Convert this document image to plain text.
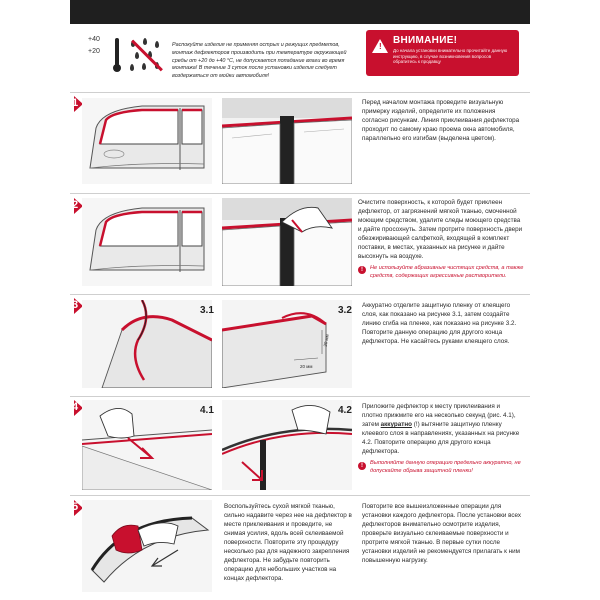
+40
+20
Распокуйте изделия не применяя острых и режущих предметов, монтаж дефлекторов производить при температуре окружающей среды от +20 до +40 °С, не допускается попадание влаги во время монтажа! В течение 3 суток после установки изделия следует воздержаться от мойки автомобиля!
!
ВНИМАНИЕ!
До начала установки внимательно прочитайте данную инструкцию, в случае возникновения вопросов обратитесь к продавцу
1	Перед началом монтажа проведите визуальную примерку изделий, определите их положения согласно рисункам. Линия приклеивания дефлектора проходит по самому краю проема окна автомобиля, параллельно его изгибам (выделена цветом).
2	Очистите поверхность, к которой будет приклеен дефлектор, от загрязнений мягкой тканью, смоченной моющим средством, удалите следы моющего средства и дайте просохнуть. Затем протрите поверхность двери обезжиривающей салфеткой, входящей в комплект поставки, в местах, указанных на рисунке и дайте высохнуть на воздухе.
!	Не используйте абразивные чистящих средств, а также средств, содержащих агрессивные растворители.
3	3.1	3.2
20 мм
20 мм
Аккуратно отделите защитную пленку от клеящего слоя, как показано на рисунке 3.1, затем создайте линию сгиба на пленке, как показано на рисунке 3.2. Повторите данную операцию для другого конца дефлектора. Не касайтесь руками клеящего слоя.
4	4.1	4.2 Приложите дефлектор к месту приклеивания и плотно прижмите его на несколько секунд (рис. 4.1), затем аккуратно (!) вытяните защитную пленку клеевого слоя в направлениях, указанных на рисунке 4.2. Повторите операцию для другого конца дефлектора.
!	Выполняйте данную операцию предельно аккуратно, не допускайте обрыва защитной пленки!
5	Воспользуйтесь сухой мягкой тканью, сильно надавите через нее на дефлектор в месте приклеивания и проведите, не снимая усилия, вдоль всей склеиваемой поверхности. Повторите эту процедуру несколько раз для надежного закрепления дефлектора. Не забудьте повторить операцию для небольших участков на концах дефлектора.
Повторите все вышеизложенные операции для установки каждого дефлектора. После установки всех дефлекторов внимательно осмотрите изделия, проверьте визуально склеиваемые поверхности и протрите мягкой тканью. В первые сутки после установки изделий не рекомендуется прилагать к ним повышенную нагрузку.
